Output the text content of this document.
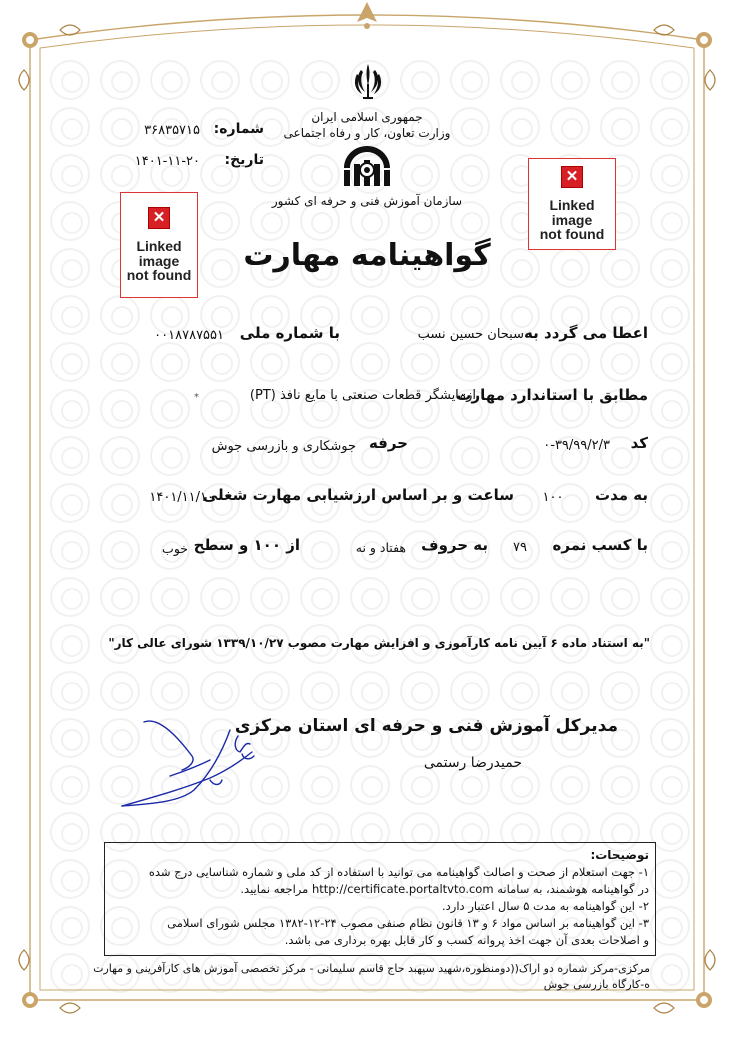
جمهوری اسلامی ایران
وزارت تعاون، کار و رفاه اجتماعی
سازمان آموزش فنی و حرفه ای کشور
شماره:
۳۶۸۳۵۷۱۵
تاریخ:
۱۴۰۱-۱۱-۲۰
✕
Linked
image
not found
✕
Linked
image
not found
گواهینامه مهارت
اعطا می گردد به
سبحان حسین نسب
با شماره ملی
۰۰۱۸۷۸۷۵۵۱
مطابق با استاندارد مهارت
ازمایشگر قطعات صنعتی با مایع نافذ (PT)
*
کد
۰-۳۹/۹۹/۲/۳
حرفه
جوشکاری و بازرسی جوش
به مدت
۱۰۰
ساعت و بر اساس ارزشیابی مهارت شغلی
۱۴۰۱/۱۱/۱۰
با کسب نمره
۷۹
به حروف
هفتاد و نه
از ۱۰۰ و سطح
خوب
"به استناد ماده ۶ آیین نامه کارآموزی و افزایش مهارت مصوب ۱۳۳۹/۱۰/۲۷ شورای عالی کار"
مدیرکل آموزش فنی و حرفه ای استان مرکزی
حمیدرضا رستمی
توضیحات:
۱- جهت استعلام از صحت و اصالت گواهینامه می توانید با استفاده از کد ملی و شماره شناسایی درج شده
در گواهینامه هوشمند، به سامانه http://certificate.portaltvto.com مراجعه نمایید.
۲- این گواهینامه به مدت ۵ سال اعتبار دارد.
۳- این گواهینامه بر اساس مواد ۶ و ۱۳ قانون نظام صنفی مصوب ۲۴-۱۲-۱۳۸۲ مجلس شورای اسلامی
و اصلاحات بعدی آن جهت اخذ پروانه کسب و کار قابل بهره برداری می باشد.
مرکزی-مرکز شماره دو اراک((دومنظوره،شهید سپهبد حاج قاسم سلیمانی - مرکز تخصصی آموزش های کارآفرینی و مهارت
ه-کارگاه بازرسی جوش
